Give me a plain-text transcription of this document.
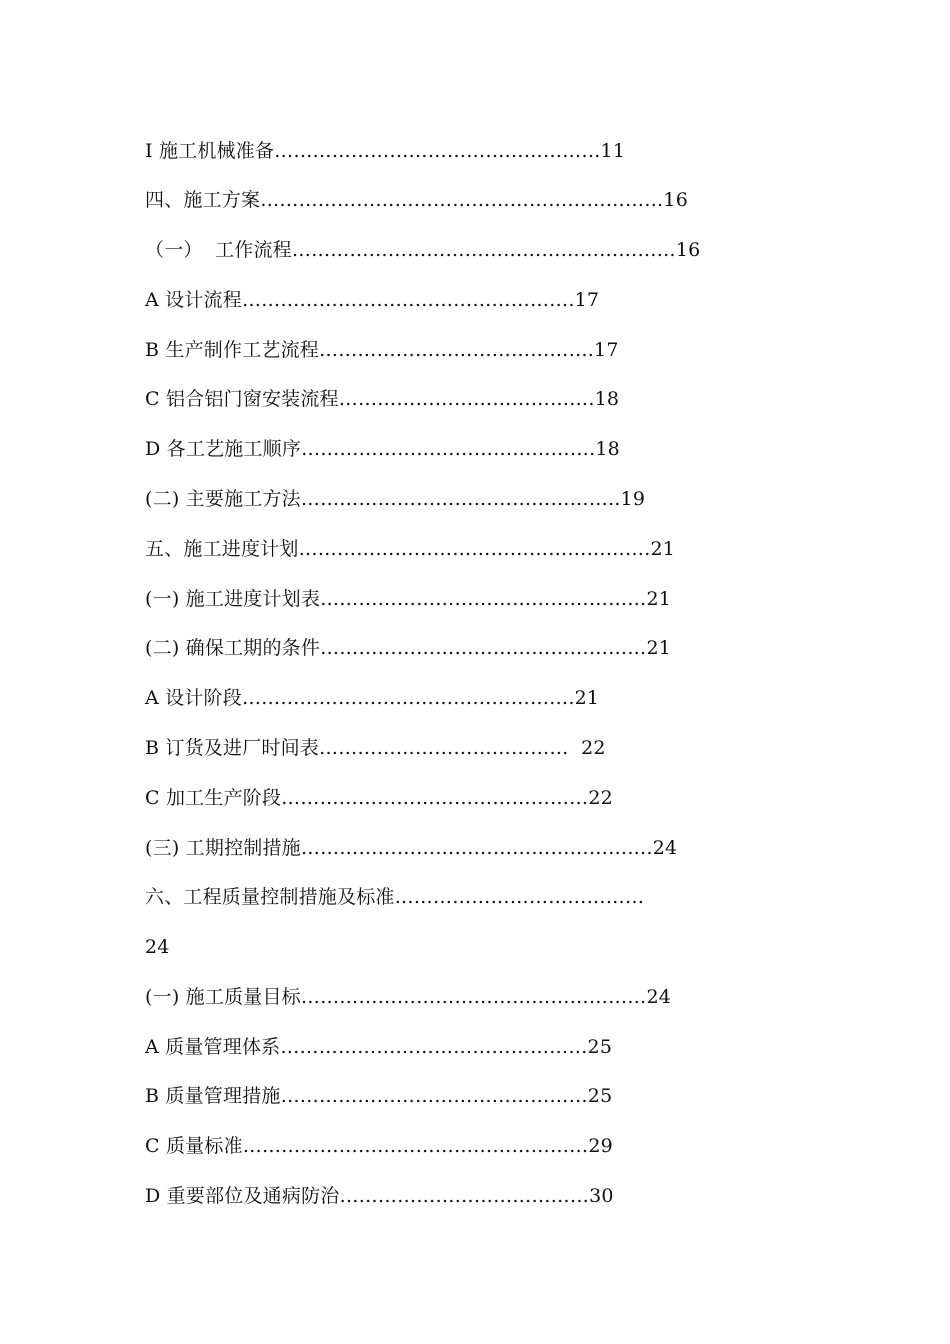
I 施工机械准备……………………………………………11
四、施工方案………………………………………………………16
（一）  工作流程……………………………………………………16
A 设计流程…………………………………………….17
B 生产制作工艺流程…………………………………….17
C 铝合铝门窗安装流程………………………………….18
D 各工艺施工顺序……………………………………….18
(二) 主要施工方法…………………………………………..19
五、施工进度计划……………………………………………….21
(一) 施工进度计划表……………………………………………21
(二) 确保工期的条件……………………………………………21
A 设计阶段…………………………………………….21
B 订货及进厂时间表…………………………………  22
C 加工生产阶段…………………………………………22
(三) 工期控制措施……………………………………………….24
六、工程质量控制措施及标准…………………………………
24
(一) 施工质量目标………………………………………………24
A 质量管理体系…………………………………………25
B 质量管理措施…………………………………………25
C 质量标准………………………………………………29
D 重要部位及通病防治…………………………………30
